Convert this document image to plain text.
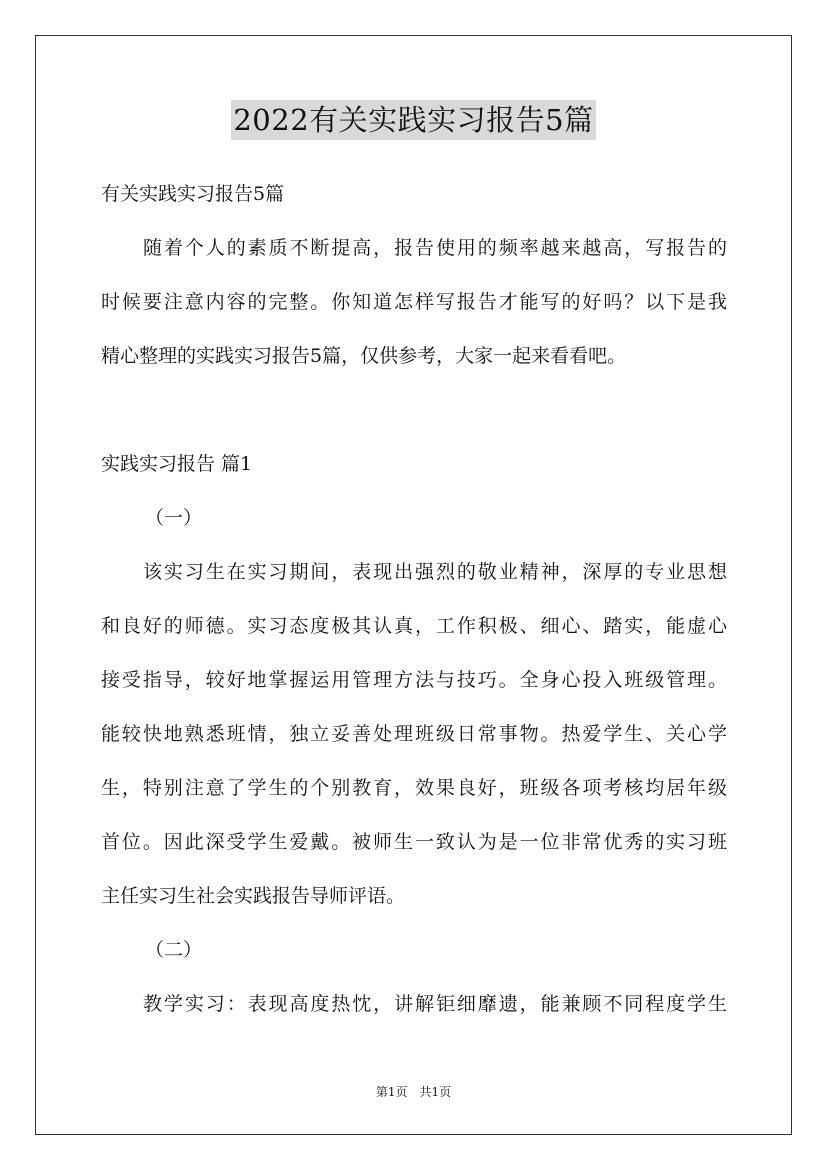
2022有关实践实习报告5篇
有关实践实习报告5篇
随着个人的素质不断提高，报告使用的频率越来越高，写报告的
时候要注意内容的完整。你知道怎样写报告才能写的好吗？以下是我
精心整理的实践实习报告5篇，仅供参考，大家一起来看看吧。
实践实习报告 篇1
（一）
该实习生在实习期间，表现出强烈的敬业精神，深厚的专业思想
和良好的师德。实习态度极其认真，工作积极、细心、踏实，能虚心
接受指导，较好地掌握运用管理方法与技巧。全身心投入班级管理。
能较快地熟悉班情，独立妥善处理班级日常事物。热爱学生、关心学
生，特别注意了学生的个别教育，效果良好，班级各项考核均居年级
首位。因此深受学生爱戴。被师生一致认为是一位非常优秀的实习班
主任实习生社会实践报告导师评语。
（二）
教学实习：表现高度热忱，讲解钜细靡遗，能兼顾不同程度学生
第1页 共1页
